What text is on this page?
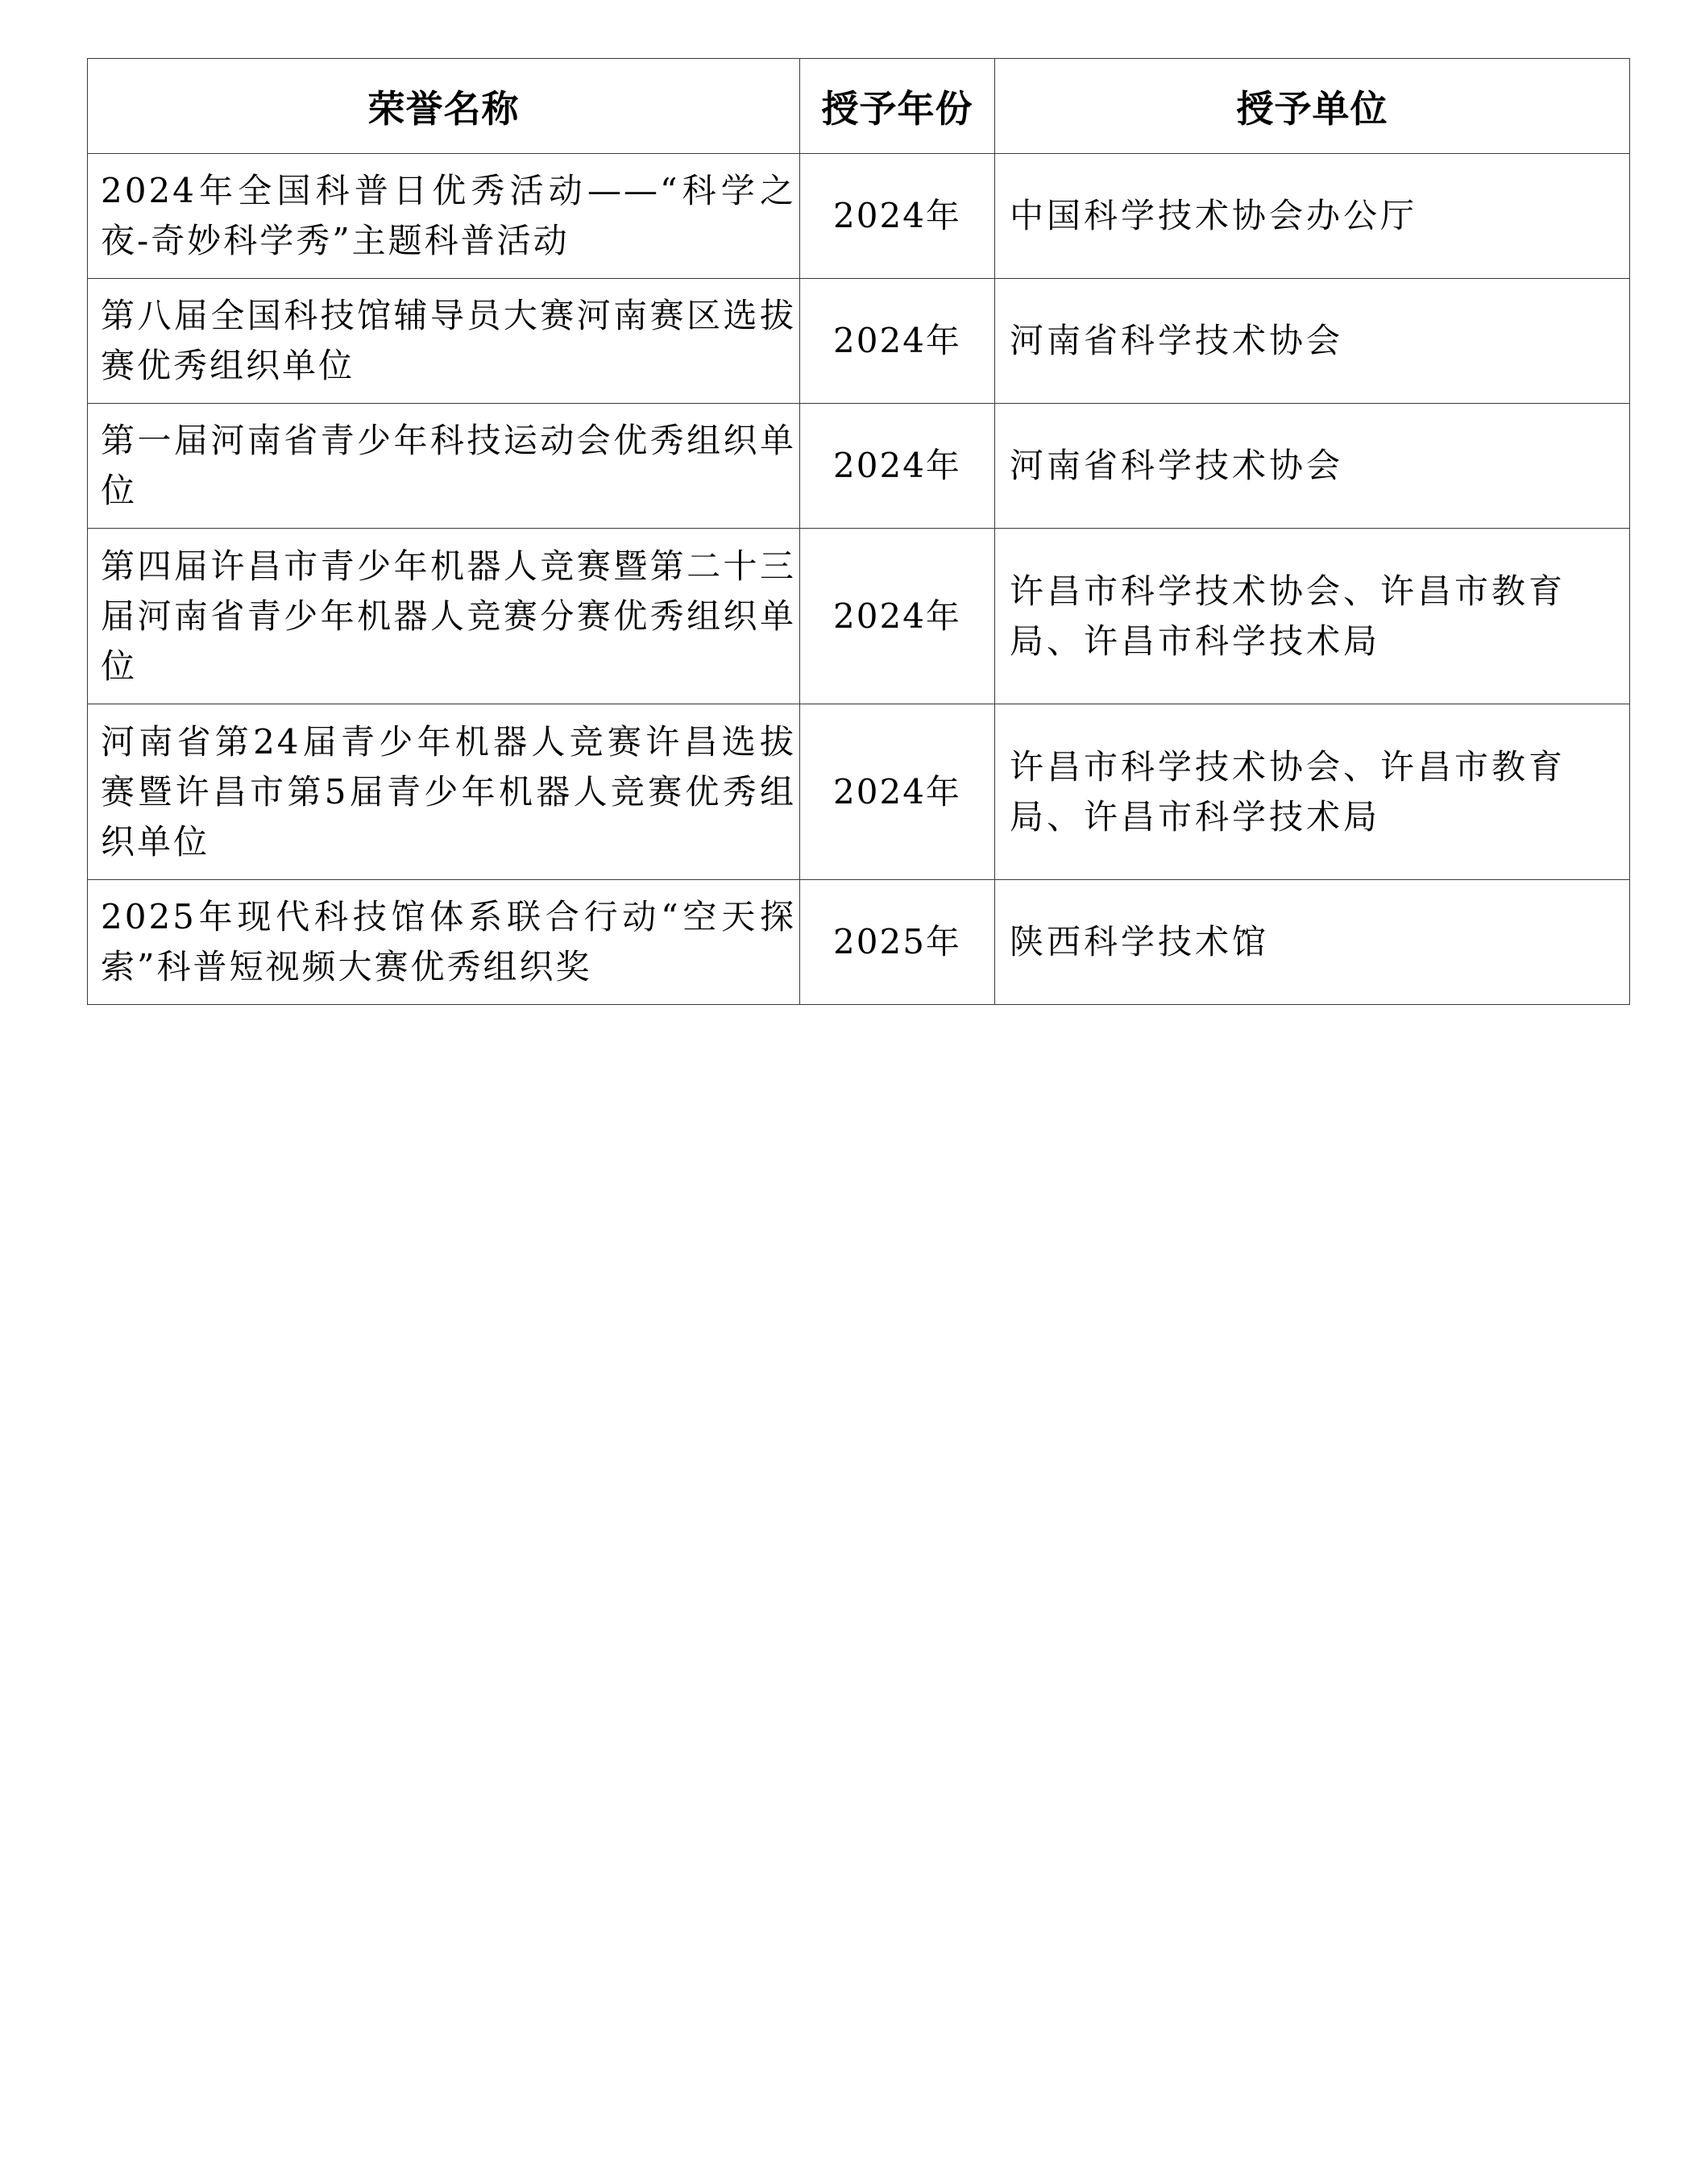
荣誉名称	授予年份	授予单位
2024年全国科普日优秀活动——“科学之夜-奇妙科学秀”主题科普活动	2024年	中国科学技术协会办公厅
第八届全国科技馆辅导员大赛河南赛区选拔赛优秀组织单位	2024年	河南省科学技术协会
第一届河南省青少年科技运动会优秀组织单位	2024年	河南省科学技术协会
第四届许昌市青少年机器人竞赛暨第二十三届河南省青少年机器人竞赛分赛优秀组织单位	2024年	许昌市科学技术协会、许昌市教育局、许昌市科学技术局
河南省第24届青少年机器人竞赛许昌选拔赛暨许昌市第5届青少年机器人竞赛优秀组织单位	2024年	许昌市科学技术协会、许昌市教育局、许昌市科学技术局
2025年现代科技馆体系联合行动“空天探索”科普短视频大赛优秀组织奖	2025年	陕西科学技术馆
